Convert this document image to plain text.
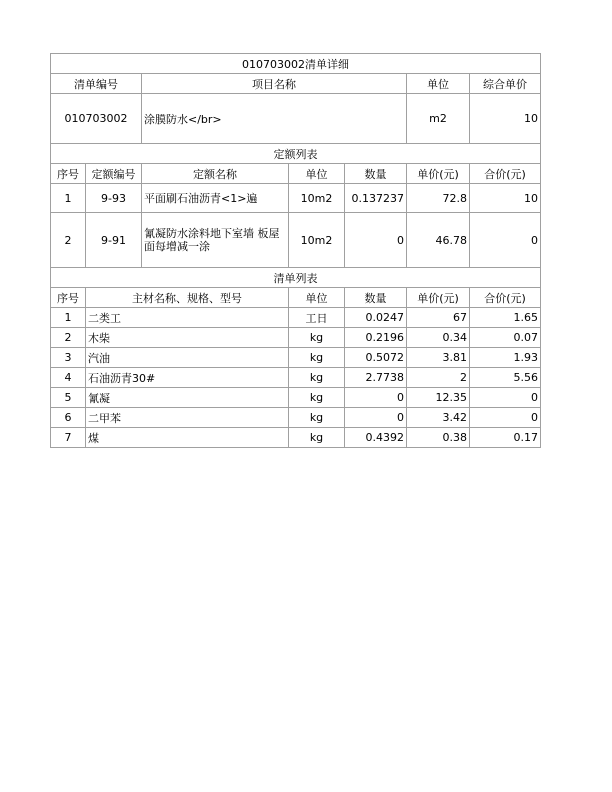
010703002清单详细						
清单编号		项目名称			单位	综合单价
010703002		涂膜防水</br>			m2	10
定额列表						
序号	定额编号	定额名称	单位	数量	单价(元)	合价(元)
1	9-93	平面刷石油沥青<1>遍	10m2	0.137237	72.8	10
2	9-91	氰凝防水涂料地下室墙 板屋面每增减一涂	10m2	0	46.78	0
清单列表						
序号	主材名称、规格、型号		单位	数量	单价(元)	合价(元)
1	二类工		工日	0.0247	67	1.65
2	木柴		kg	0.2196	0.34	0.07
3	汽油		kg	0.5072	3.81	1.93
4	石油沥青30#		kg	2.7738	2	5.56
5	氰凝		kg	0	12.35	0
6	二甲苯		kg	0	3.42	0
7	煤		kg	0.4392	0.38	0.17
